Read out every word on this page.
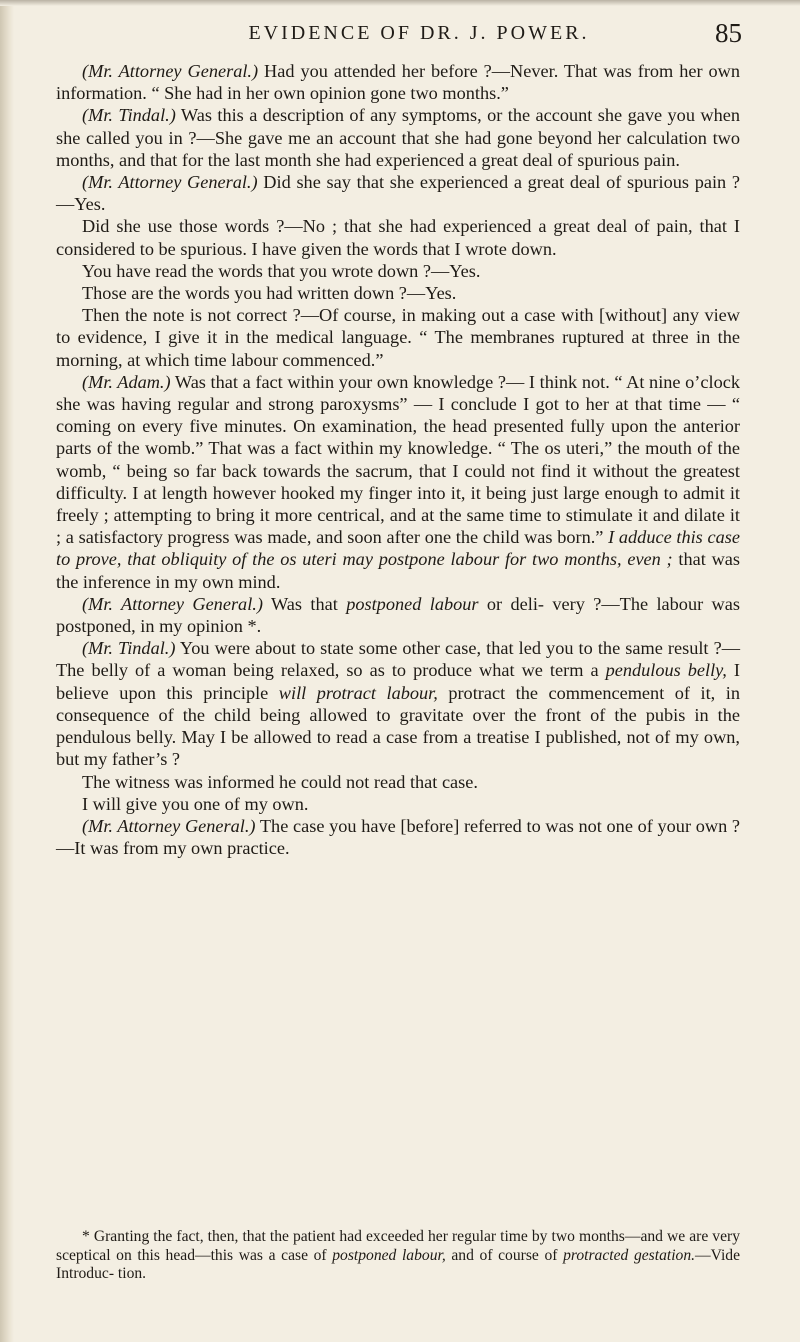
EVIDENCE OF DR. J. POWER.	85

(Mr. Attorney General.) Had you attended her before ?—Never. That was from her own information. “ She had in her own opinion gone two months.”

(Mr. Tindal.) Was this a description of any symptoms, or the account she gave you when she called you in ?—She gave me an account that she had gone beyond her calculation two months, and that for the last month she had experienced a great deal of spurious pain.

(Mr. Attorney General.) Did she say that she experienced a great deal of spurious pain ?—Yes.

Did she use those words ?—No ; that she had experienced a great deal of pain, that I considered to be spurious. I have given the words that I wrote down.

You have read the words that you wrote down ?—Yes.

Those are the words you had written down ?—Yes.

Then the note is not correct ?—Of course, in making out a case with [without] any view to evidence, I give it in the medical language. “ The membranes ruptured at three in the morning, at which time labour commenced.”

(Mr. Adam.) Was that a fact within your own knowledge ?— I think not. “ At nine o’clock she was having regular and strong paroxysms” — I conclude I got to her at that time — “ coming on every five minutes. On examination, the head presented fully upon the anterior parts of the womb.” That was a fact within my knowledge. “ The os uteri,” the mouth of the womb, “ being so far back towards the sacrum, that I could not find it without the greatest difficulty. I at length however hooked my finger into it, it being just large enough to admit it freely ; attempting to bring it more centrical, and at the same time to stimulate it and dilate it ; a satisfactory progress was made, and soon after one the child was born.” I adduce this case to prove, that obliquity of the os uteri may postpone labour for two months, even ; that was the inference in my own mind.

(Mr. Attorney General.) Was that postponed labour or deli- very ?—The labour was postponed, in my opinion *.

(Mr. Tindal.) You were about to state some other case, that led you to the same result ?—The belly of a woman being relaxed, so as to produce what we term a pendulous belly, I believe upon this principle will protract labour, protract the commencement of it, in consequence of the child being allowed to gravitate over the front of the pubis in the pendulous belly. May I be allowed to read a case from a treatise I published, not of my own, but my father’s ?

The witness was informed he could not read that case.

I will give you one of my own.

(Mr. Attorney General.) The case you have [before] referred to was not one of your own ?—It was from my own practice.

* Granting the fact, then, that the patient had exceeded her regular time by two months—and we are very sceptical on this head—this was a case of postponed labour, and of course of protracted gestation.—Vide Introduc- tion.
